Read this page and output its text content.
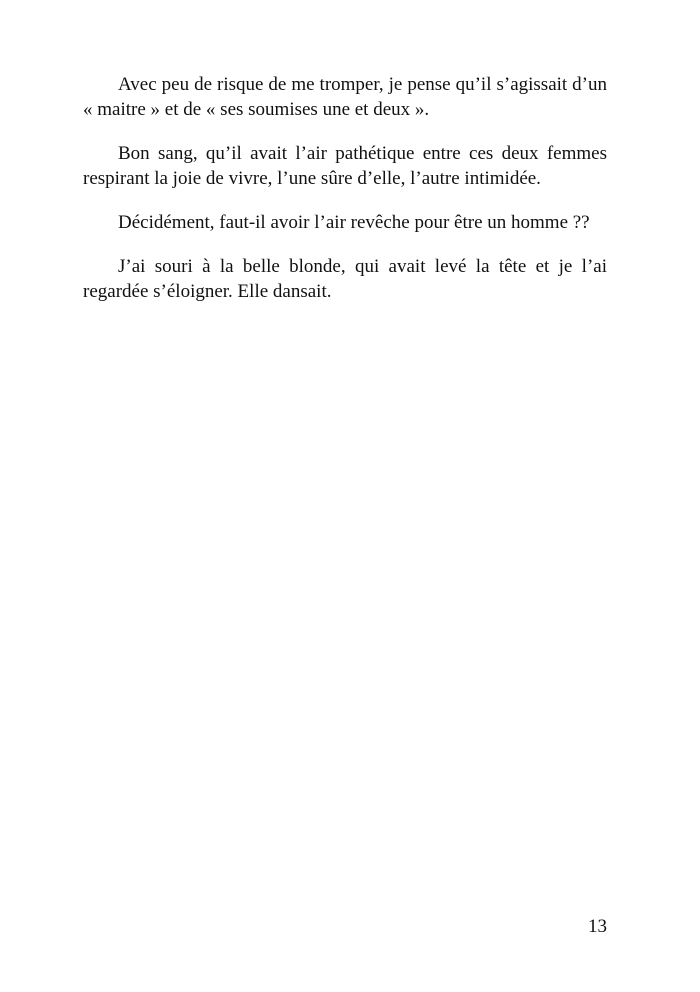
Avec peu de risque de me tromper, je pense qu’il s’agissait d’un « maitre » et de « ses soumises une et deux ».

Bon sang, qu’il avait l’air pathétique entre ces deux femmes respirant la joie de vivre, l’une sûre d’elle, l’autre intimidée.

Décidément, faut-il avoir l’air revêche pour être un homme ??

J’ai souri à la belle blonde, qui avait levé la tête et je l’ai regardée s’éloigner. Elle dansait.

13
